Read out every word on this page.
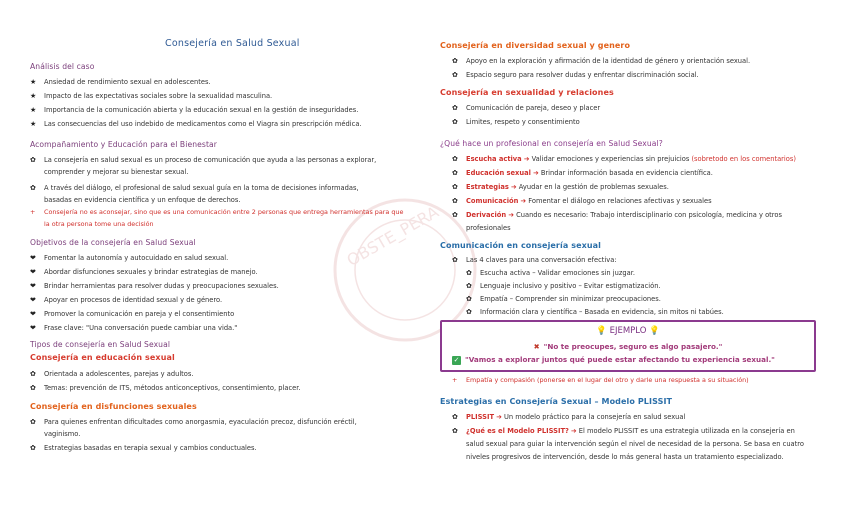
OBSTE_PERA
Consejería en Salud Sexual
Análisis del caso
★ Ansiedad de rendimiento sexual en adolescentes.
★ Impacto de las expectativas sociales sobre la sexualidad masculina.
★ Importancia de la comunicación abierta y la educación sexual en la gestión de inseguridades.
★ Las consecuencias del uso indebido de medicamentos como el Viagra sin prescripción médica.
Acompañamiento y Educación para el Bienestar
✿ La consejería en salud sexual es un proceso de comunicación que ayuda a las personas a explorar,
comprender y mejorar su bienestar sexual.
✿ A través del diálogo, el profesional de salud sexual guía en la toma de decisiones informadas,
basadas en evidencia científica y un enfoque de derechos.
+ Consejería no es aconsejar, sino que es una comunicación entre 2 personas que entrega herramientas para que
la otra persona tome una decisión
Objetivos de la consejería en Salud Sexual
❤ Fomentar la autonomía y autocuidado en salud sexual.
❤ Abordar disfunciones sexuales y brindar estrategias de manejo.
❤ Brindar herramientas para resolver dudas y preocupaciones sexuales.
❤ Apoyar en procesos de identidad sexual y de género.
❤ Promover la comunicación en pareja y el consentimiento
❤ Frase clave: "Una conversación puede cambiar una vida."
Tipos de consejería en Salud Sexual
Consejería en educación sexual
✿ Orientada a adolescentes, parejas y adultos.
✿ Temas: prevención de ITS, métodos anticonceptivos, consentimiento, placer.
Consejería en disfunciones sexuales
✿ Para quienes enfrentan dificultades como anorgasmia, eyaculación precoz, disfunción eréctil,
vaginismo.
✿ Estrategias basadas en terapia sexual y cambios conductuales.
Consejería en diversidad sexual y genero
✿ Apoyo en la exploración y afirmación de la identidad de género y orientación sexual.
✿ Espacio seguro para resolver dudas y enfrentar discriminación social.
Consejería en sexualidad y relaciones
✿ Comunicación de pareja, deseo y placer
✿ Limites, respeto y consentimiento
¿Qué hace un profesional en consejería en Salud Sexual?
✿ Escucha activa ➔ Validar emociones y experiencias sin prejuicios (sobretodo en los comentarios)
✿ Educación sexual ➔ Brindar información basada en evidencia científica.
✿ Estrategias ➔ Ayudar en la gestión de problemas sexuales.
✿ Comunicación ➔ Fomentar el diálogo en relaciones afectivas y sexuales
✿ Derivación ➔ Cuando es necesario: Trabajo interdisciplinario con psicología, medicina y otros
profesionales
Comunicación en consejería sexual
✿ Las 4 claves para una conversación efectiva:
✿ Escucha activa – Validar emociones sin juzgar.
✿ Lenguaje inclusivo y positivo – Evitar estigmatización.
✿ Empatía – Comprender sin minimizar preocupaciones.
✿ Información clara y científica – Basada en evidencia, sin mitos ni tabúes.
💡 EJEMPLO 💡
✖ "No te preocupes, seguro es algo pasajero."
✓ "Vamos a explorar juntos qué puede estar afectando tu experiencia sexual."
+ Empatía y compasión (ponerse en el lugar del otro y darle una respuesta a su situación)
Estrategias en Consejería Sexual – Modelo PLISSIT
✿ PLISSIT ➔ Un modelo práctico para la consejería en salud sexual
✿ ¿Qué es el Modelo PLISSIT? ➔ El modelo PLISSIT es una estrategia utilizada en la consejería en
salud sexual para guiar la intervención según el nivel de necesidad de la persona. Se basa en cuatro
niveles progresivos de intervención, desde lo más general hasta un tratamiento especializado.
